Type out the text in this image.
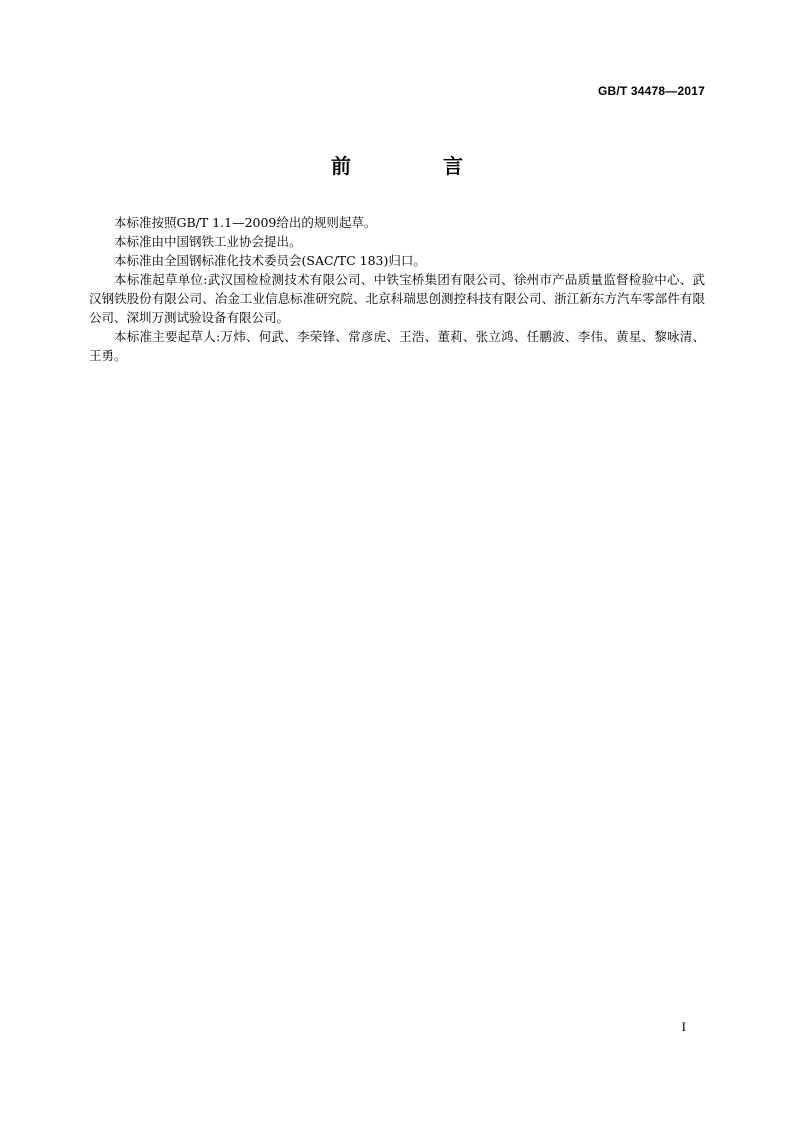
GB/T 34478—2017
前　言

本标准按照GB/T 1.1—2009给出的规则起草。

本标准由中国钢铁工业协会提出。

本标准由全国钢标准化技术委员会(SAC/TC 183)归口。

本标准起草单位:武汉国检检测技术有限公司、中铁宝桥集团有限公司、徐州市产品质量监督检验中心、武汉钢铁股份有限公司、冶金工业信息标准研究院、北京科瑞思创测控科技有限公司、浙江新东方汽车零部件有限公司、深圳万测试验设备有限公司。

本标准主要起草人:万炜、何武、李荣锋、常彦虎、王浩、董莉、张立鸿、任鹏波、李伟、黄星、黎咏清、王勇。

I
